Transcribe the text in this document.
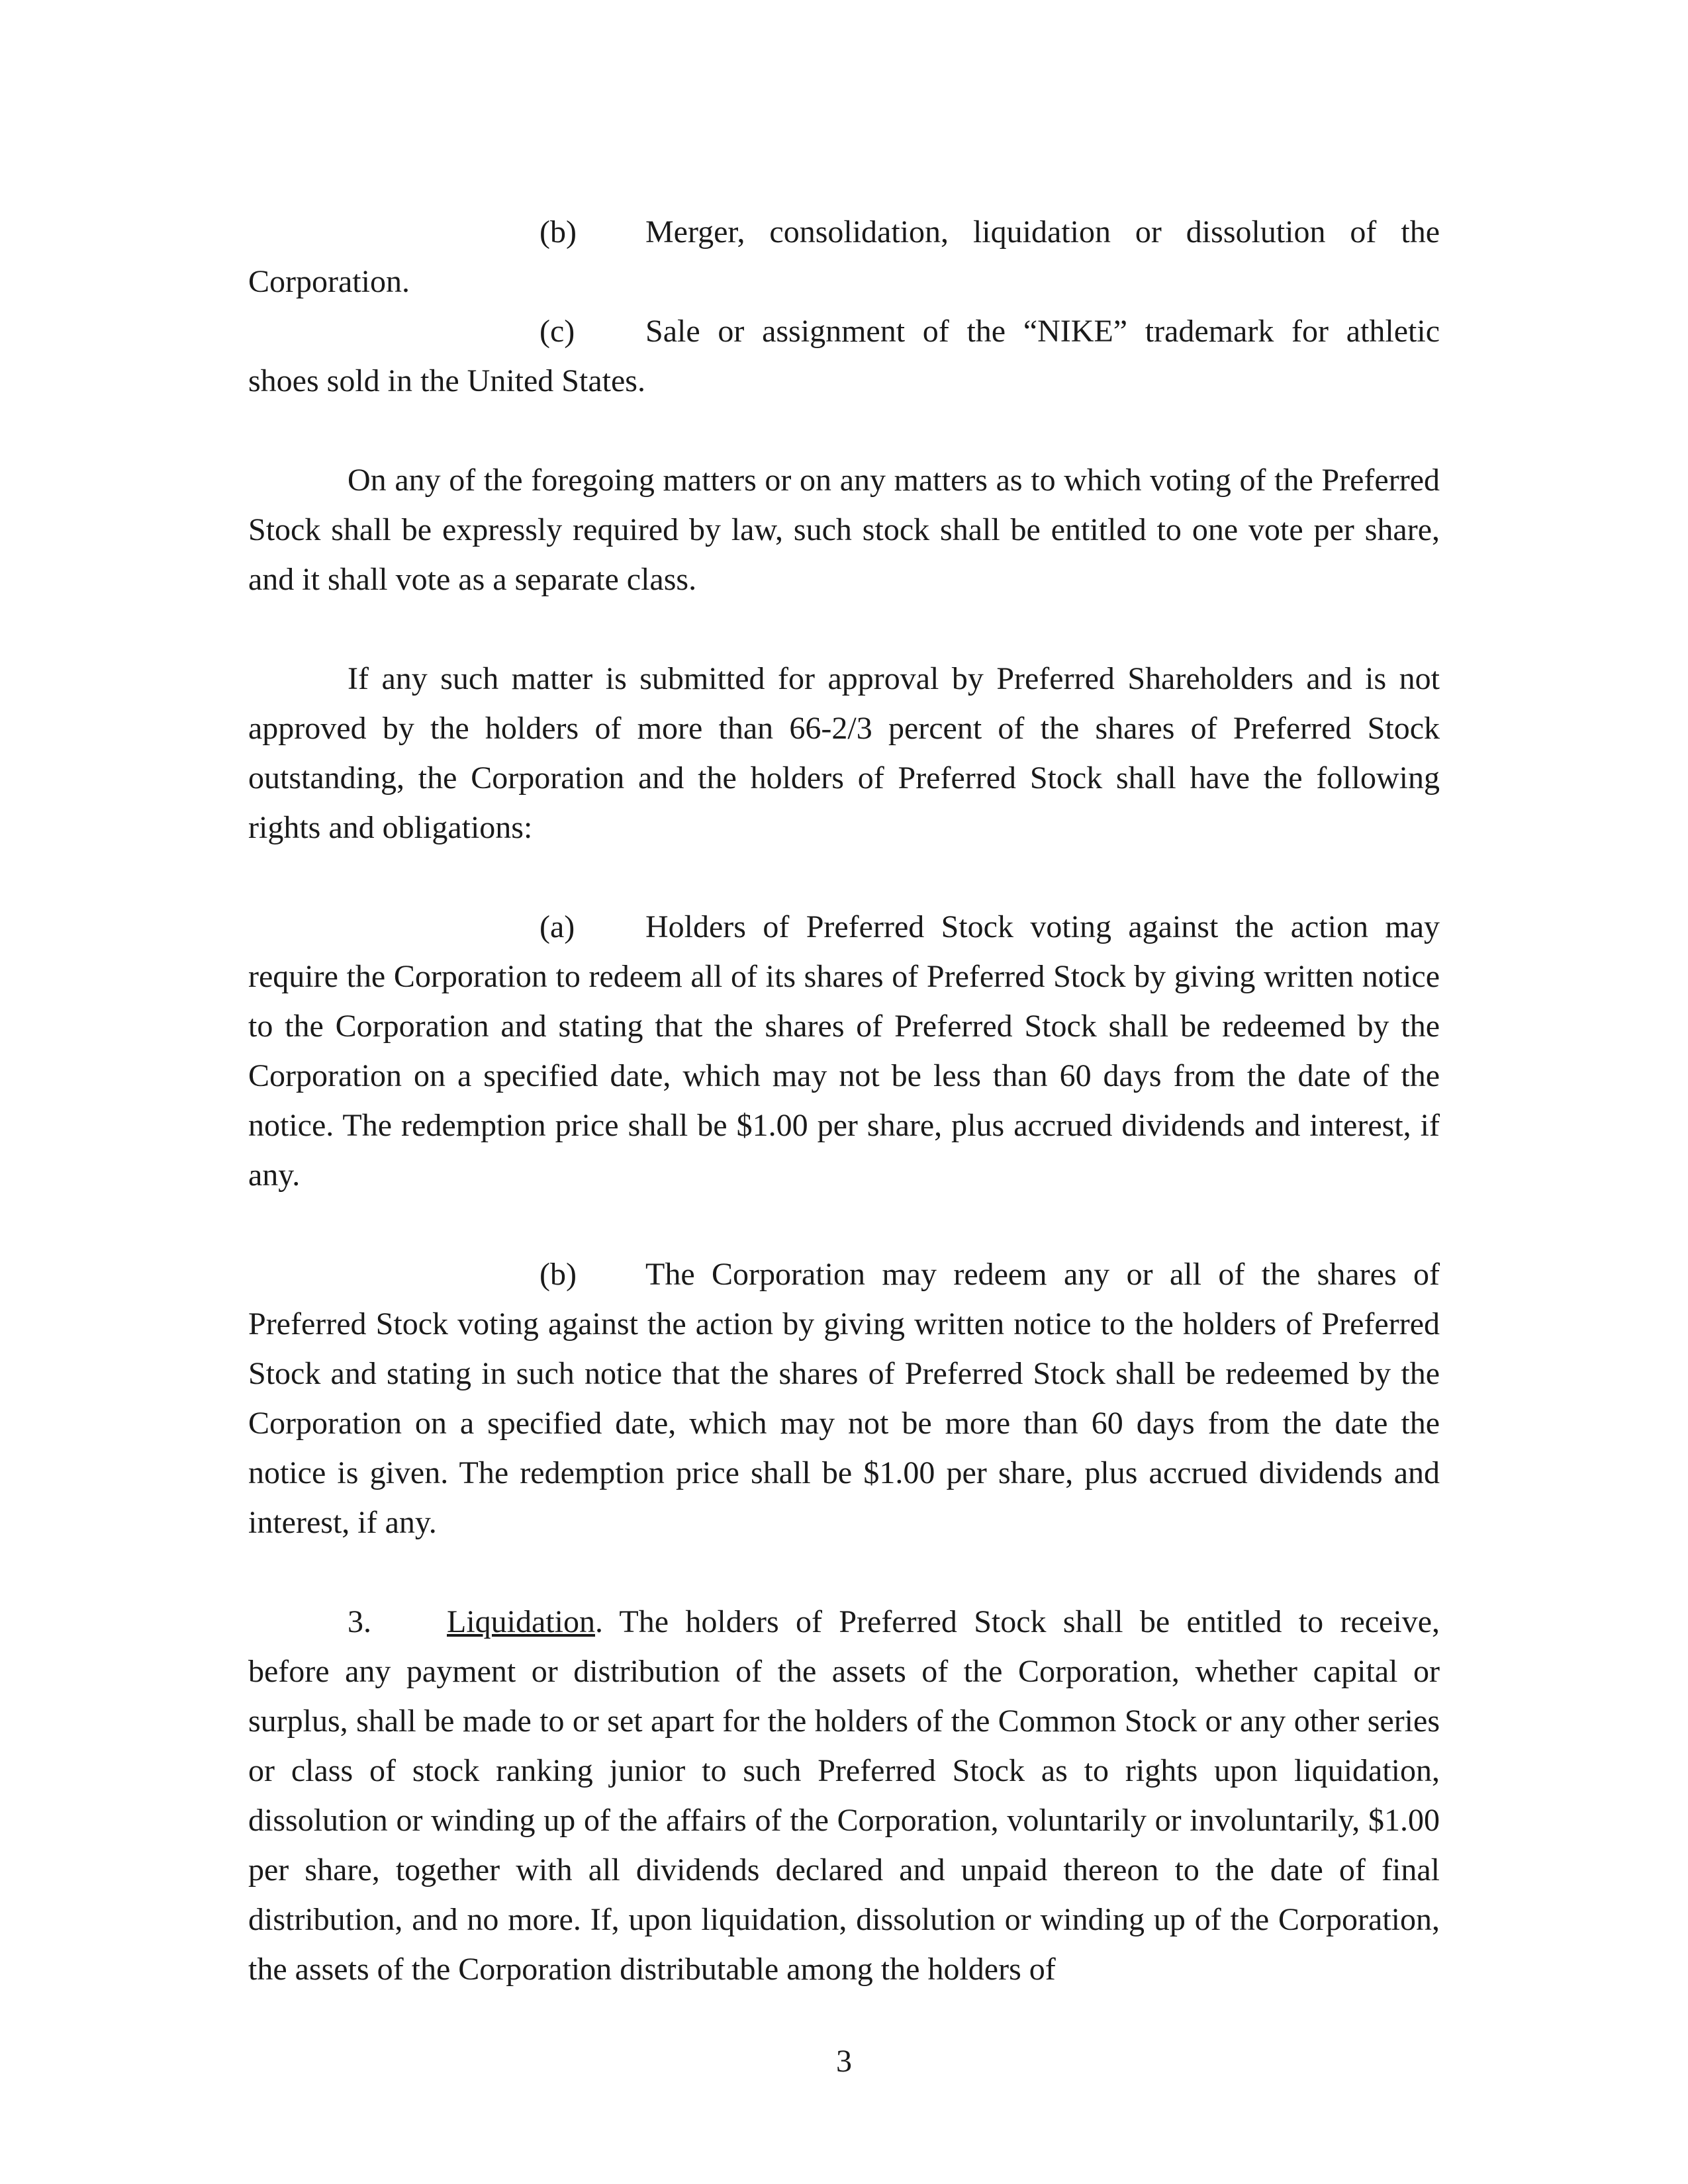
(b) Merger, consolidation, liquidation or dissolution of the Corporation.

(c) Sale or assignment of the “NIKE” trademark for athletic shoes sold in the United States.

On any of the foregoing matters or on any matters as to which voting of the Preferred Stock shall be expressly required by law, such stock shall be entitled to one vote per share, and it shall vote as a separate class.

If any such matter is submitted for approval by Preferred Shareholders and is not approved by the holders of more than 66-2/3 percent of the shares of Preferred Stock outstanding, the Corporation and the holders of Preferred Stock shall have the following rights and obligations:

(a) Holders of Preferred Stock voting against the action may require the Corporation to redeem all of its shares of Preferred Stock by giving written notice to the Corporation and stating that the shares of Preferred Stock shall be redeemed by the Corporation on a specified date, which may not be less than 60 days from the date of the notice. The redemption price shall be $1.00 per share, plus accrued dividends and interest, if any.

(b) The Corporation may redeem any or all of the shares of Preferred Stock voting against the action by giving written notice to the holders of Preferred Stock and stating in such notice that the shares of Preferred Stock shall be redeemed by the Corporation on a specified date, which may not be more than 60 days from the date the notice is given. The redemption price shall be $1.00 per share, plus accrued dividends and interest, if any.

3. Liquidation. The holders of Preferred Stock shall be entitled to receive, before any payment or distribution of the assets of the Corporation, whether capital or surplus, shall be made to or set apart for the holders of the Common Stock or any other series or class of stock ranking junior to such Preferred Stock as to rights upon liquidation, dissolution or winding up of the affairs of the Corporation, voluntarily or involuntarily, $1.00 per share, together with all dividends declared and unpaid thereon to the date of final distribution, and no more. If, upon liquidation, dissolution or winding up of the Corporation, the assets of the Corporation distributable among the holders of

3
